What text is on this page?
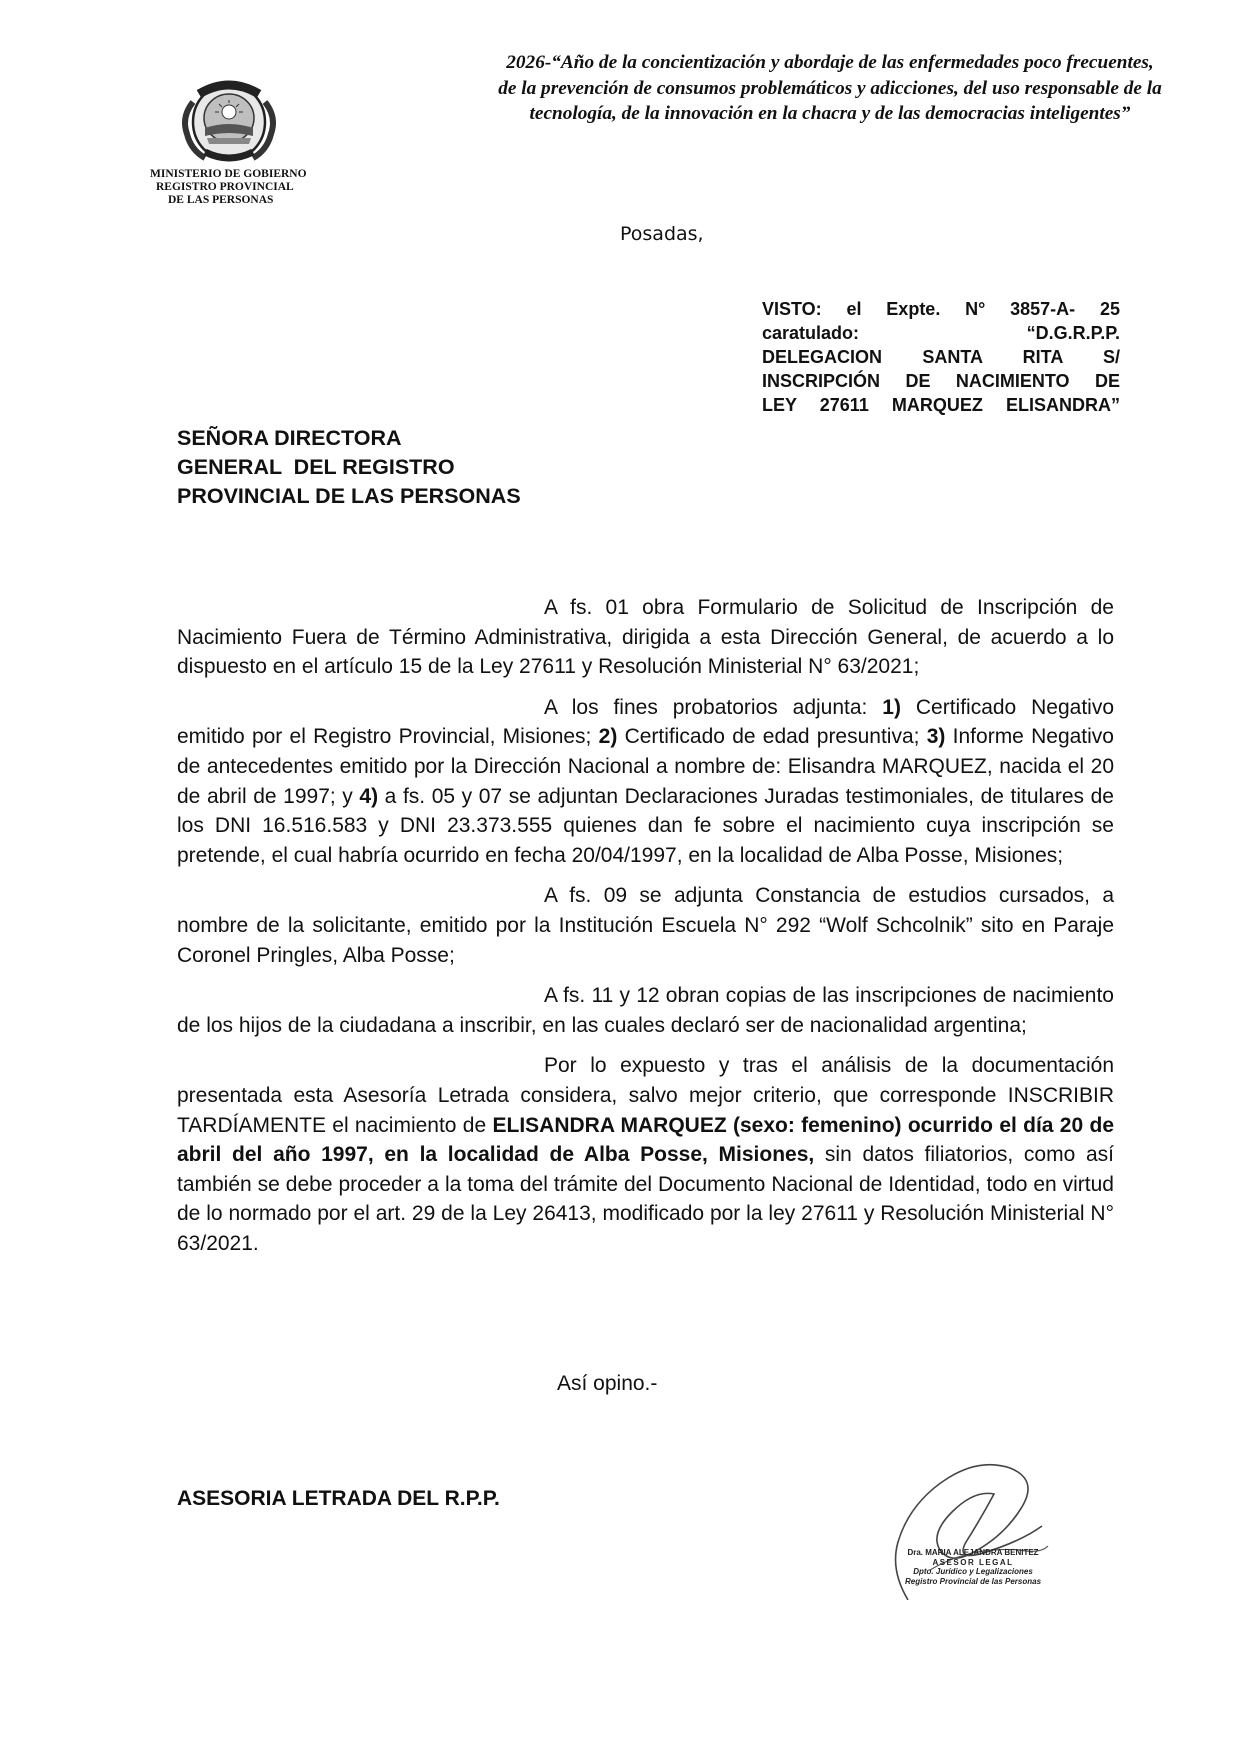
MINISTERIO DE GOBIERNO
REGISTRO PROVINCIAL
DE LAS PERSONAS
2026-“Año de la concientización y abordaje de las enfermedades poco frecuentes, de la prevención de consumos problemáticos y adicciones, del uso responsable de la tecnología, de la innovación en la chacra y de las democracias inteligentes”
Posadas,
VISTO: el Expte. N° 3857-A- 25
caratulado: “D.G.R.P.P.
DELEGACION SANTA RITA S/
INSCRIPCIÓN DE NACIMIENTO DE
LEY 27611 MARQUEZ ELISANDRA”
SEÑORA DIRECTORA
GENERAL  DEL REGISTRO
PROVINCIAL DE LAS PERSONAS

A fs. 01 obra Formulario de Solicitud de Inscripción de Nacimiento Fuera de Término Administrativa, dirigida a esta Dirección General, de acuerdo a lo dispuesto en el artículo 15 de la Ley 27611 y Resolución Ministerial N° 63/2021;

A los fines probatorios adjunta: 1) Certificado Negativo emitido por el Registro Provincial, Misiones; 2) Certificado de edad presuntiva; 3) Informe Negativo de antecedentes emitido por la Dirección Nacional a nombre de: Elisandra MARQUEZ, nacida el 20 de abril de 1997; y 4) a fs. 05 y 07 se adjuntan Declaraciones Juradas testimoniales, de titulares de los DNI 16.516.583 y DNI 23.373.555 quienes dan fe sobre el nacimiento cuya inscripción se pretende, el cual habría ocurrido en fecha 20/04/1997, en la localidad de Alba Posse, Misiones;

A fs. 09 se adjunta Constancia de estudios cursados, a nombre de la solicitante, emitido por la Institución Escuela N° 292 “Wolf Schcolnik” sito en Paraje Coronel Pringles, Alba Posse;

A fs. 11 y 12 obran copias de las inscripciones de nacimiento de los hijos de la ciudadana a inscribir, en las cuales declaró ser de nacionalidad argentina;

Por lo expuesto y tras el análisis de la documentación presentada esta Asesoría Letrada considera, salvo mejor criterio, que corresponde INSCRIBIR TARDÍAMENTE el nacimiento de ELISANDRA MARQUEZ (sexo: femenino) ocurrido el día 20 de abril del año 1997, en la localidad de Alba Posse, Misiones, sin datos filiatorios, como así también se debe proceder a la toma del trámite del Documento Nacional de Identidad, todo en virtud de lo normado por el art. 29 de la Ley 26413, modificado por la ley 27611 y Resolución Ministerial N° 63/2021.

Así opino.-
ASESORIA LETRADA DEL R.P.P.
Dra. MARIA ALEJANDRA BENITEZ
ASESOR LEGAL
Dpto. Jurídico y Legalizaciones
Registro Provincial de las Personas
